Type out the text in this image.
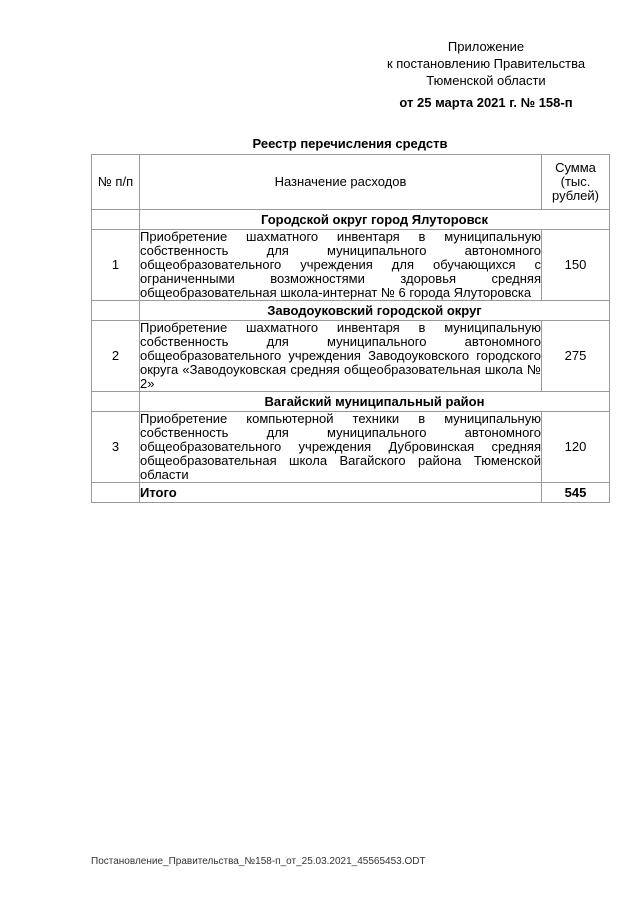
Приложение
к постановлению Правительства
Тюменской области
от 25 марта 2021 г. № 158-п
Реестр перечисления средств
№ п/п	Назначение расходов	Сумма (тыс. рублей)
	Городской округ город Ялуторовск	
1	Приобретение шахматного инвентаря в муниципальную собственность для муниципального автономного общеобразовательного учреждения для обучающихся с ограниченными возможностями здоровья средняя общеобразовательная школа-интернат № 6 города Ялуторовска	150
	Заводоуковский городской округ	
2	Приобретение шахматного инвентаря в муниципальную собственность для муниципального автономного общеобразовательного учреждения Заводоуковского городского округа «Заводоуковская средняя общеобразовательная школа № 2»	275
	Вагайский муниципальный район	
3	Приобретение компьютерной техники в муниципальную собственность для муниципального автономного общеобразовательного учреждения Дубровинская средняя общеобразовательная школа Вагайского района Тюменской области	120
	Итого	545
Постановление_Правительства_№158-п_от_25.03.2021_45565453.ODT
